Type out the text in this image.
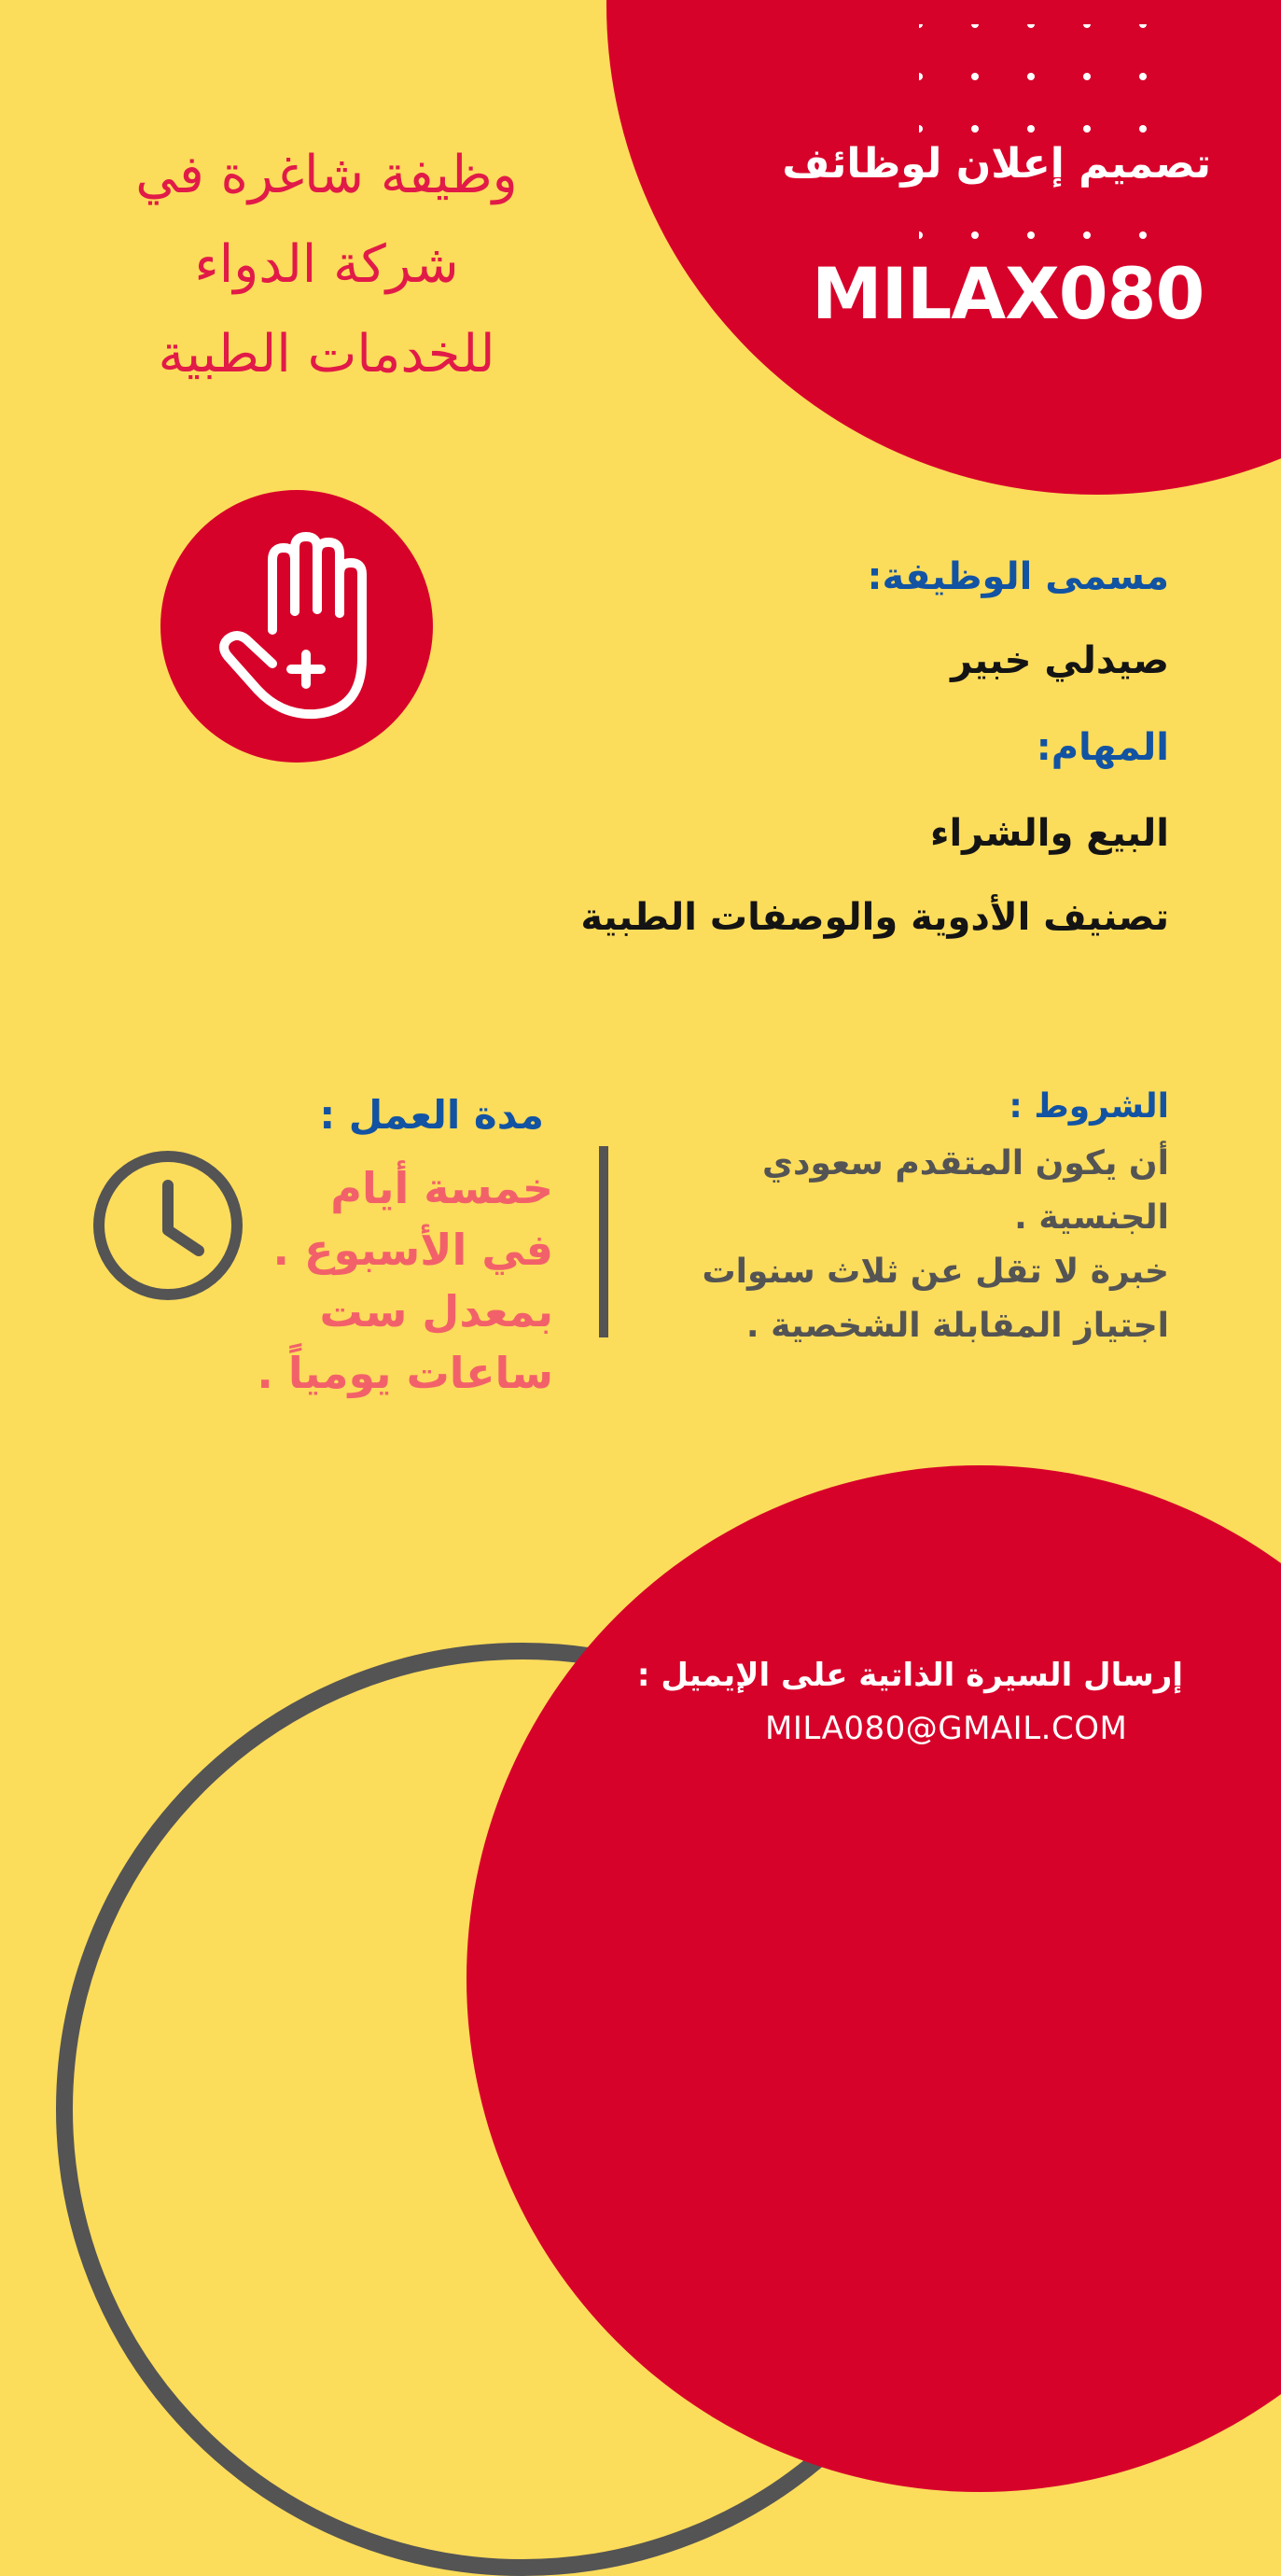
تصميم إعلان لوظائف
MILAX080
وظيفة شاغرة في
شركة الدواء
للخدمات الطبية
مسمى الوظيفة:
صيدلي خبير
المهام:
البيع والشراء
تصنيف الأدوية والوصفات الطبية
الشروط :
أن يكون المتقدم سعودي
الجنسية .
خبرة لا تقل عن ثلاث سنوات
اجتياز المقابلة الشخصية .
مدة العمل :
خمسة أيام
في الأسبوع .
بمعدل ست
ساعات يومياً .
إرسال السيرة الذاتية على الإيميل :
MILA080@GMAIL.COM
